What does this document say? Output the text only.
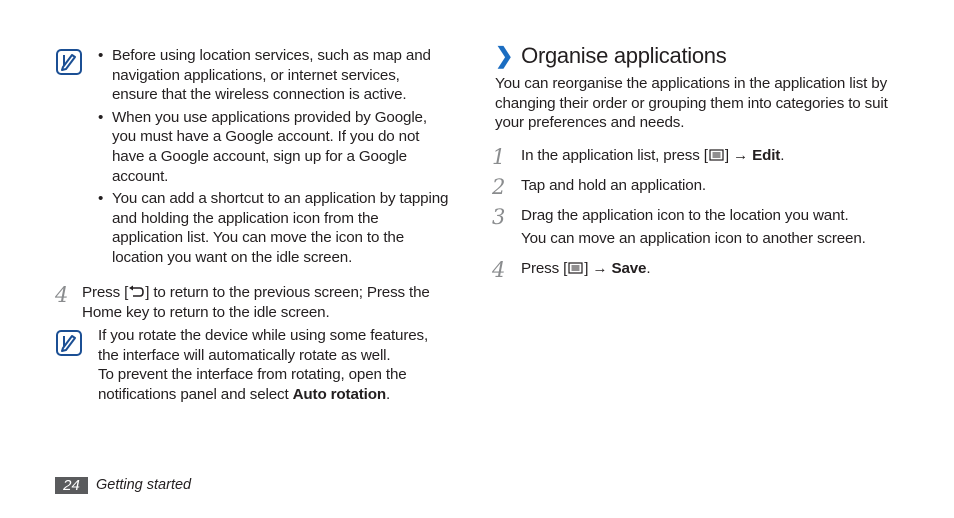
• Before using location services, such as map and navigation applications, or internet services, ensure that the wireless connection is active.
• When you use applications provided by Google, you must have a Google account. If you do not have a Google account, sign up for a Google account.
• You can add a shortcut to an application by tapping and holding the application icon from the application list. You can move the icon to the location you want on the idle screen.
4 Press [ ] to return to the previous screen; Press the Home key to return to the idle screen.
If you rotate the device while using some features, the interface will automatically rotate as well.
To prevent the interface from rotating, open the notifications panel and select Auto rotation.
❯ Organise applications
You can reorganise the applications in the application list by changing their order or grouping them into categories to suit your preferences and needs.
1 In the application list, press [ ] → Edit.
2 Tap and hold an application.
3 Drag the application icon to the location you want.
You can move an application icon to another screen.
4 Press [ ] → Save.
24	Getting started
